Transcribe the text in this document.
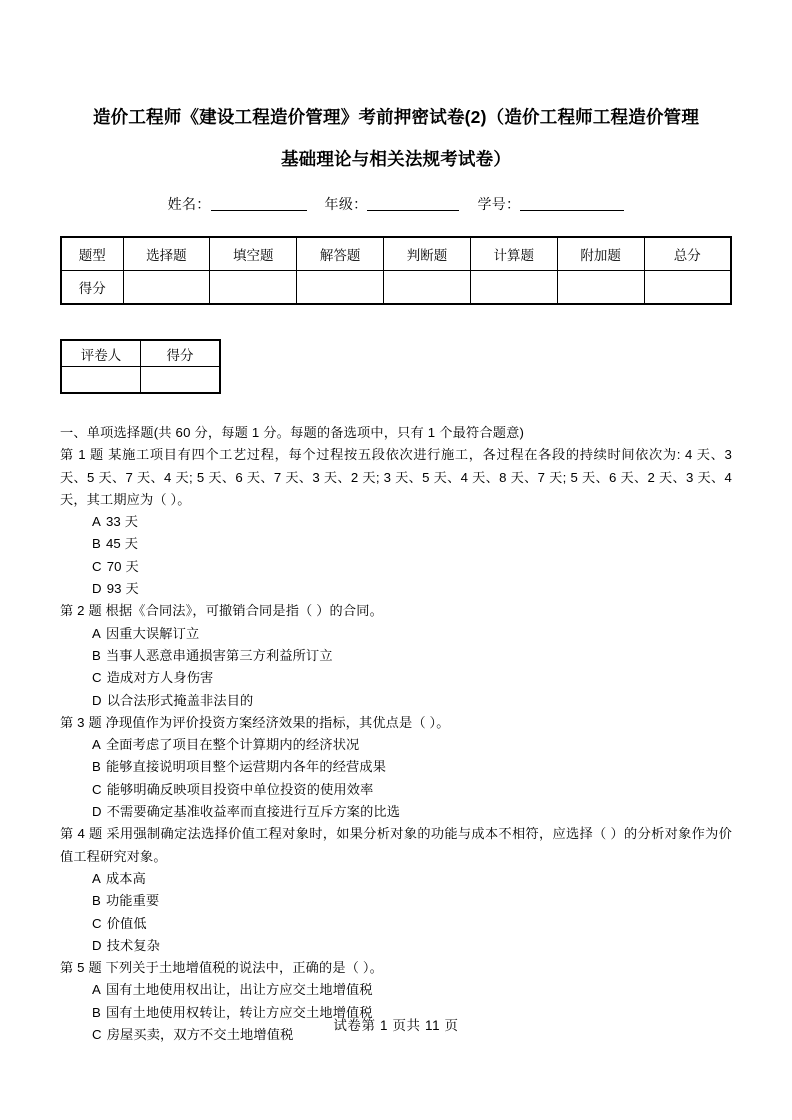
造价工程师《建设工程造价管理》考前押密试卷(2)（造价工程师工程造价管理
基础理论与相关法规考试卷）
姓名：	年级：	学号：
题型	选择题	填空题	解答题	判断题	计算题	附加题	总分
得分							
评卷人	得分

一、单项选择题(共 60 分，每题 1 分。每题的备选项中，只有 1 个最符合题意)

第 1 题 某施工项目有四个工艺过程，每个过程按五段依次进行施工，各过程在各段的持续时间依次为: 4 天、3 天、5 天、7 天、4 天; 5 天、6 天、7 天、3 天、2 天; 3 天、5 天、4 天、8 天、7 天; 5 天、6 天、2 天、3 天、4 天，其工期应为（ ）。

A 33 天
B 45 天
C 70 天
D 93 天

第 2 题 根据《合同法》，可撤销合同是指（ ）的合同。

A 因重大误解订立
B 当事人恶意串通损害第三方利益所订立
C 造成对方人身伤害
D 以合法形式掩盖非法目的

第 3 题 净现值作为评价投资方案经济效果的指标，其优点是（ ）。

A 全面考虑了项目在整个计算期内的经济状况
B 能够直接说明项目整个运营期内各年的经营成果
C 能够明确反映项目投资中单位投资的使用效率
D 不需要确定基准收益率而直接进行互斥方案的比选

第 4 题 采用强制确定法选择价值工程对象时，如果分析对象的功能与成本不相符，应选择（ ）的分析对象作为价值工程研究对象。

A 成本高
B 功能重要
C 价值低
D 技术复杂

第 5 题 下列关于土地增值税的说法中，正确的是（ ）。

A 国有土地使用权出让，出让方应交土地增值税
B 国有土地使用权转让，转让方应交土地增值税
C 房屋买卖，双方不交土地增值税
试卷第 1 页共 11 页
